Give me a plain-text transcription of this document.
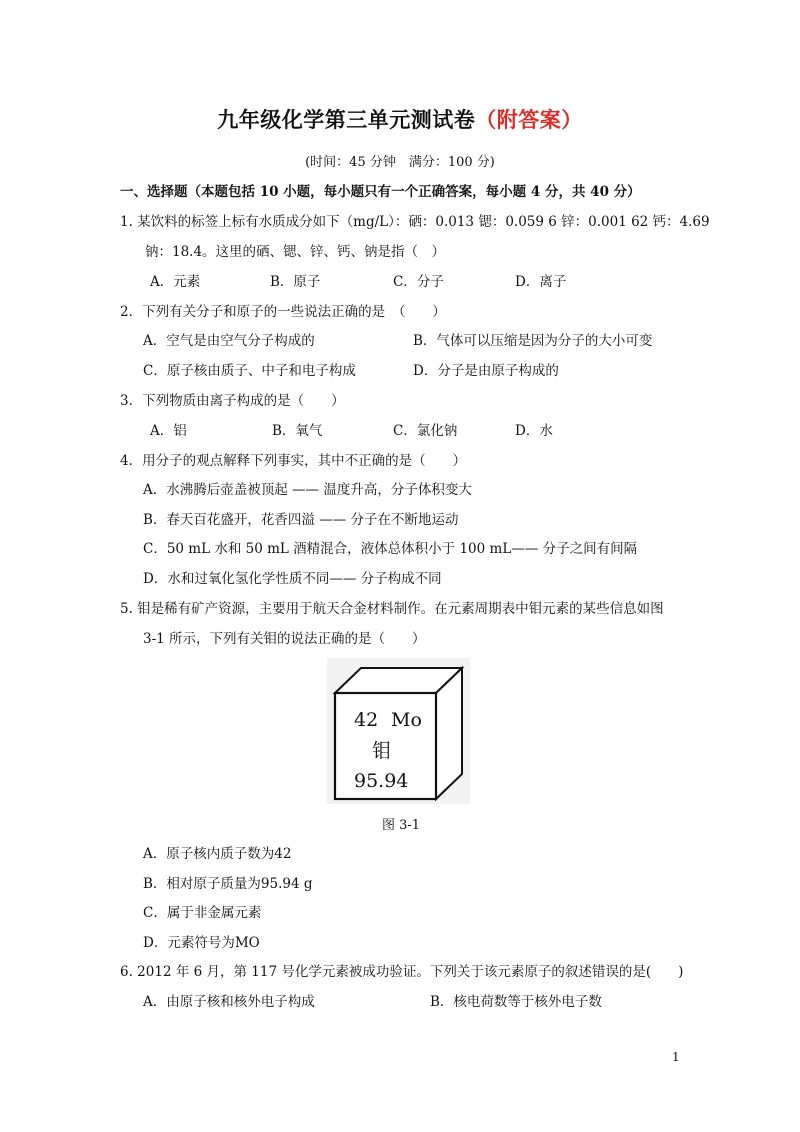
九年级化学第三单元测试卷（附答案）
(时间：45 分钟　满分：100 分)
一、选择题（本题包括 10 小题，每小题只有一个正确答案，每小题 4 分，共 40 分）
1. 某饮料的标签上标有水质成分如下（mg/L）：硒：0.013 锶：0.059 6 锌：0.001 62 钙：4.69
钠：18.4。这里的硒、锶、锌、钙、钠是指（　）
A．元素	B．原子	C．分子	D．离子
2．下列有关分子和原子的一些说法正确的是　（　　）
A．空气是由空气分子构成的	B．气体可以压缩是因为分子的大小可变
C．原子核由质子、中子和电子构成	D．分子是由原子构成的
3．下列物质由离子构成的是（　　）
A．铝	B．氧气	C．氯化钠	D．水
4．用分子的观点解释下列事实，其中不正确的是（　　）
A．水沸腾后壶盖被顶起 —— 温度升高，分子体积变大
B．春天百花盛开，花香四溢 —— 分子在不断地运动
C．50 mL 水和 50 mL 酒精混合，液体总体积小于 100 mL—— 分子之间有间隔
D．水和过氧化氢化学性质不同—— 分子构成不同
5. 钼是稀有矿产资源，主要用于航天合金材料制作。在元素周期表中钼元素的某些信息如图
3-1 所示，下列有关钼的说法正确的是（　　）
42 Mo
钼
95.94
图 3-1
A．原子核内质子数为42
B．相对原子质量为95.94 g
C．属于非金属元素
D．元素符号为MO
6. 2012 年 6 月，第 117 号化学元素被成功验证。下列关于该元素原子的叙述错误的是(　　)
A．由原子核和核外电子构成	B．核电荷数等于核外电子数
1
